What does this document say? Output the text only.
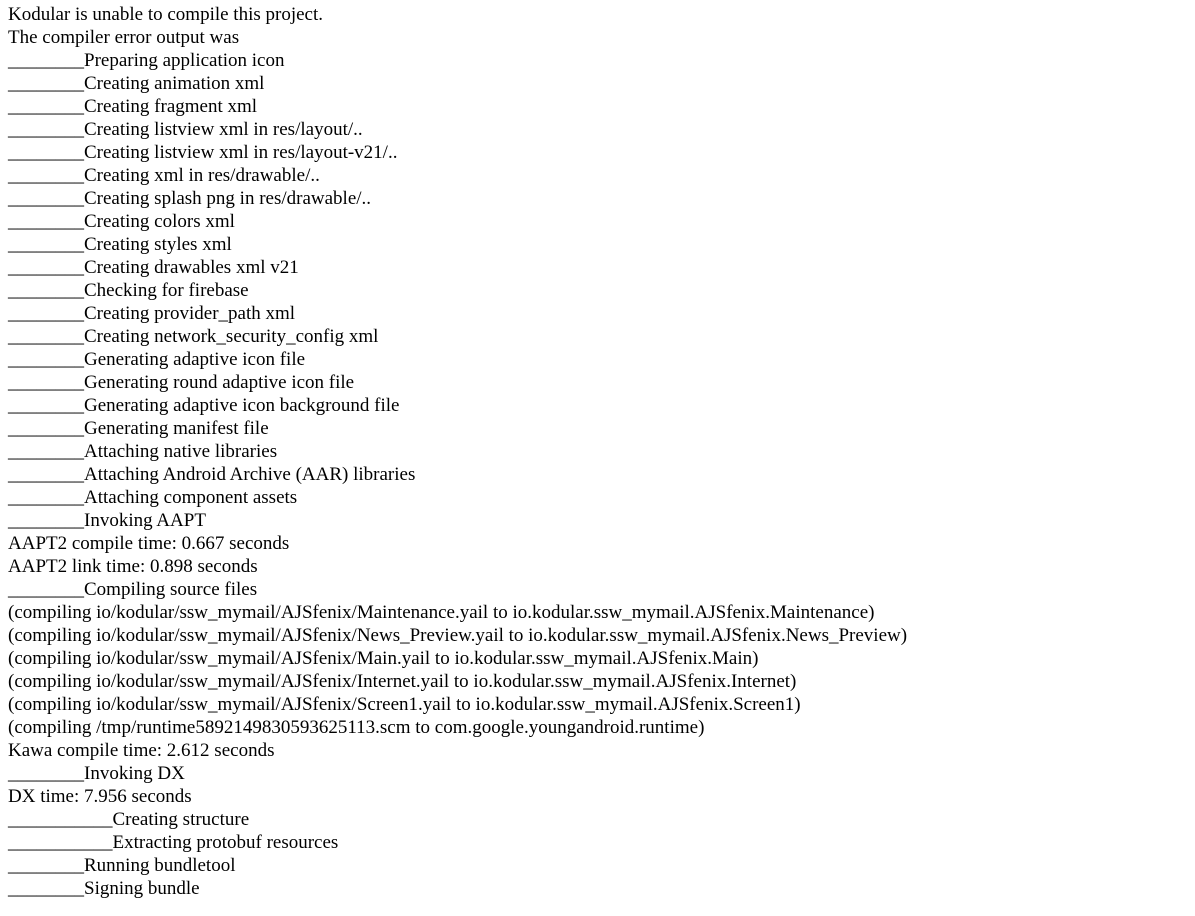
Kodular is unable to compile this project.
The compiler error output was
________Preparing application icon
________Creating animation xml
________Creating fragment xml
________Creating listview xml in res/layout/..
________Creating listview xml in res/layout-v21/..
________Creating xml in res/drawable/..
________Creating splash png in res/drawable/..
________Creating colors xml
________Creating styles xml
________Creating drawables xml v21
________Checking for firebase
________Creating provider_path xml
________Creating network_security_config xml
________Generating adaptive icon file
________Generating round adaptive icon file
________Generating adaptive icon background file
________Generating manifest file
________Attaching native libraries
________Attaching Android Archive (AAR) libraries
________Attaching component assets
________Invoking AAPT
AAPT2 compile time: 0.667 seconds
AAPT2 link time: 0.898 seconds
________Compiling source files
(compiling io/kodular/ssw_mymail/AJSfenix/Maintenance.yail to io.kodular.ssw_mymail.AJSfenix.Maintenance)
(compiling io/kodular/ssw_mymail/AJSfenix/News_Preview.yail to io.kodular.ssw_mymail.AJSfenix.News_Preview)
(compiling io/kodular/ssw_mymail/AJSfenix/Main.yail to io.kodular.ssw_mymail.AJSfenix.Main)
(compiling io/kodular/ssw_mymail/AJSfenix/Internet.yail to io.kodular.ssw_mymail.AJSfenix.Internet)
(compiling io/kodular/ssw_mymail/AJSfenix/Screen1.yail to io.kodular.ssw_mymail.AJSfenix.Screen1)
(compiling /tmp/runtime5892149830593625113.scm to com.google.youngandroid.runtime)
Kawa compile time: 2.612 seconds
________Invoking DX
DX time: 7.956 seconds
___________Creating structure
___________Extracting protobuf resources
________Running bundletool
________Signing bundle
